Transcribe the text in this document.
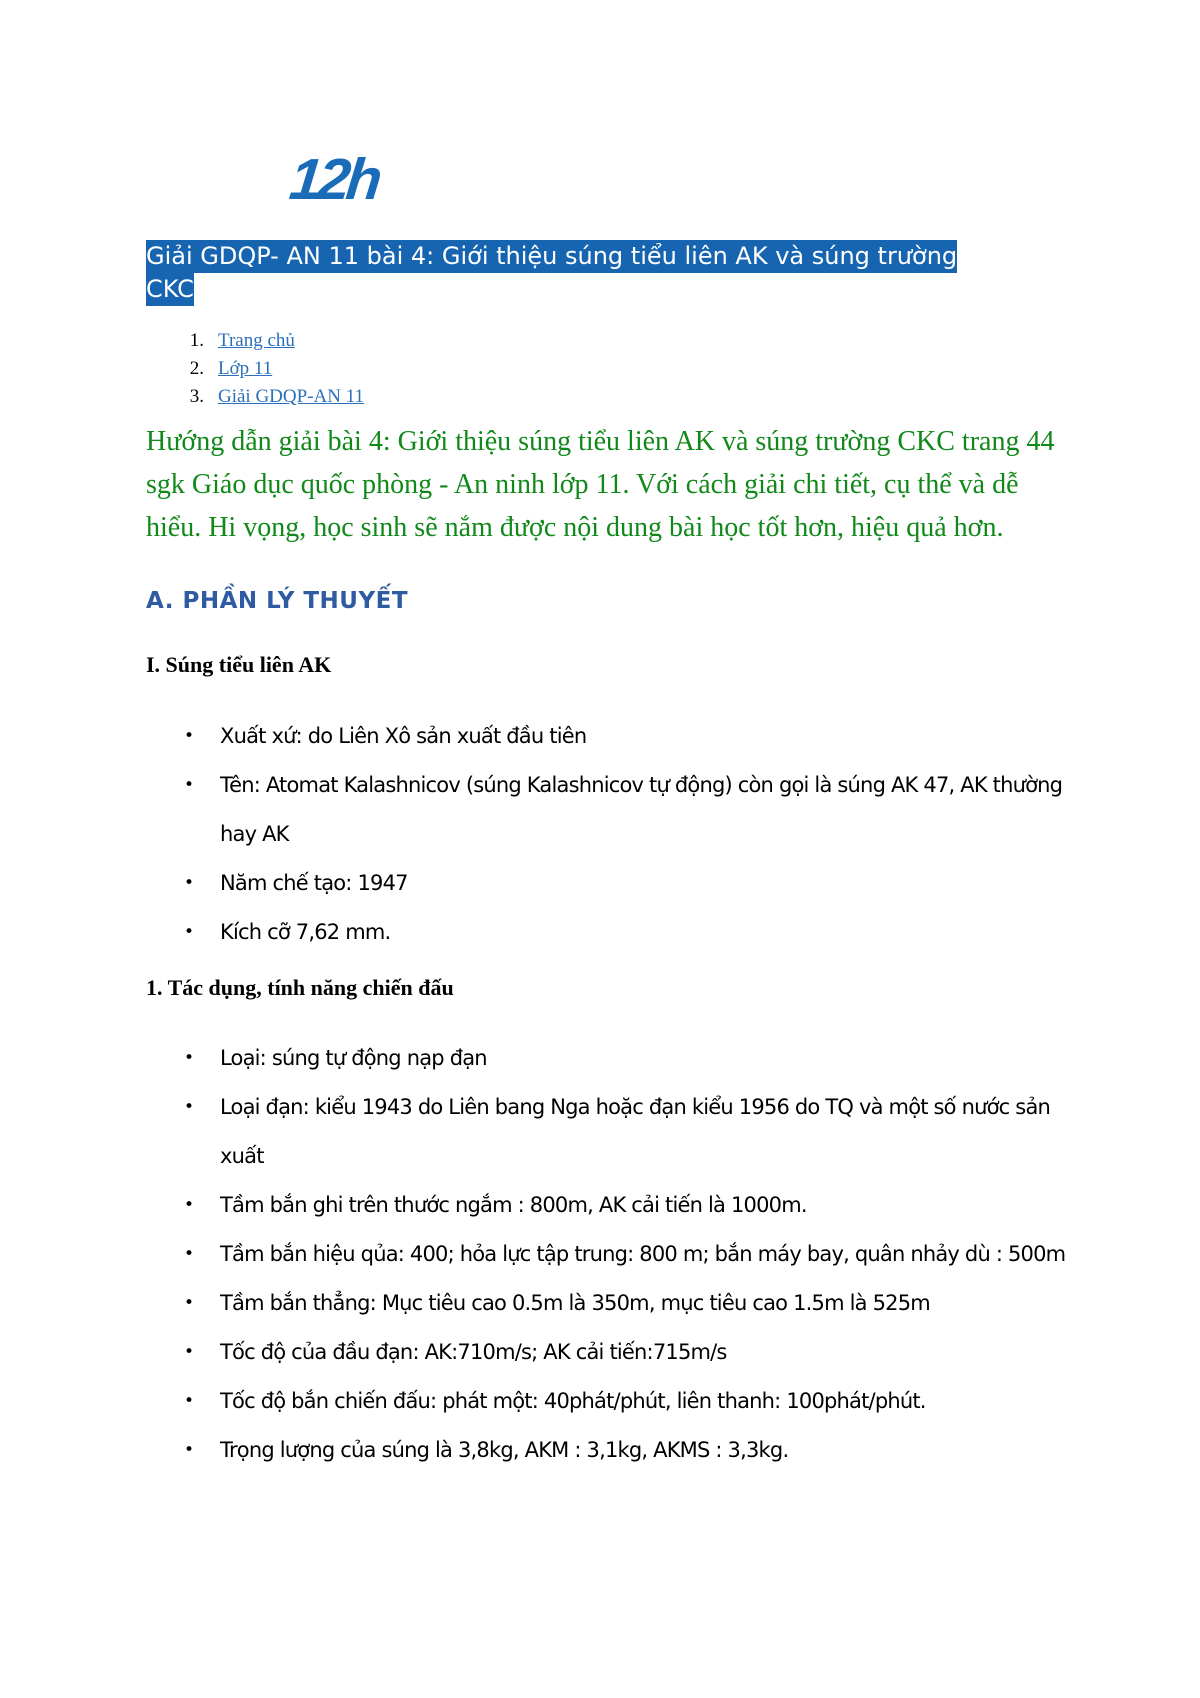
12h
Giải GDQP- AN 11 bài 4: Giới thiệu súng tiểu liên AK và súng trường CKC
1. Trang chủ
2. Lớp 11
3. Giải GDQP-AN 11

Hướng dẫn giải bài 4: Giới thiệu súng tiểu liên AK và súng trường CKC trang 44 sgk Giáo dục quốc phòng - An ninh lớp 11. Với cách giải chi tiết, cụ thể và dễ hiểu. Hi vọng, học sinh sẽ nắm được nội dung bài học tốt hơn, hiệu quả hơn.

A. PHẦN LÝ THUYẾT
I. Súng tiểu liên AK
•	Xuất xứ: do Liên Xô sản xuất đầu tiên
•	Tên: Atomat Kalashnicov (súng Kalashnicov tự động) còn gọi là súng AK 47, AK thường hay AK
•	Năm chế tạo: 1947
•	Kích cỡ 7,62 mm.
1. Tác dụng, tính năng chiến đấu
•	Loại: súng tự động nạp đạn
•	Loại đạn: kiểu 1943 do Liên bang Nga hoặc đạn kiểu 1956 do TQ và một số nước sản xuất
•	Tầm bắn ghi trên thước ngắm : 800m, AK cải tiến là 1000m.
•	Tầm bắn hiệu qủa: 400; hỏa lực tập trung: 800 m; bắn máy bay, quân nhảy dù : 500m
•	Tầm bắn thẳng: Mục tiêu cao 0.5m là 350m, mục tiêu cao 1.5m là 525m
•	Tốc độ của đầu đạn: AK:710m/s; AK cải tiến:715m/s
•	Tốc độ bắn chiến đấu: phát một: 40phát/phút, liên thanh: 100phát/phút.
•	Trọng lượng của súng là 3,8kg, AKM : 3,1kg, AKMS : 3,3kg.
